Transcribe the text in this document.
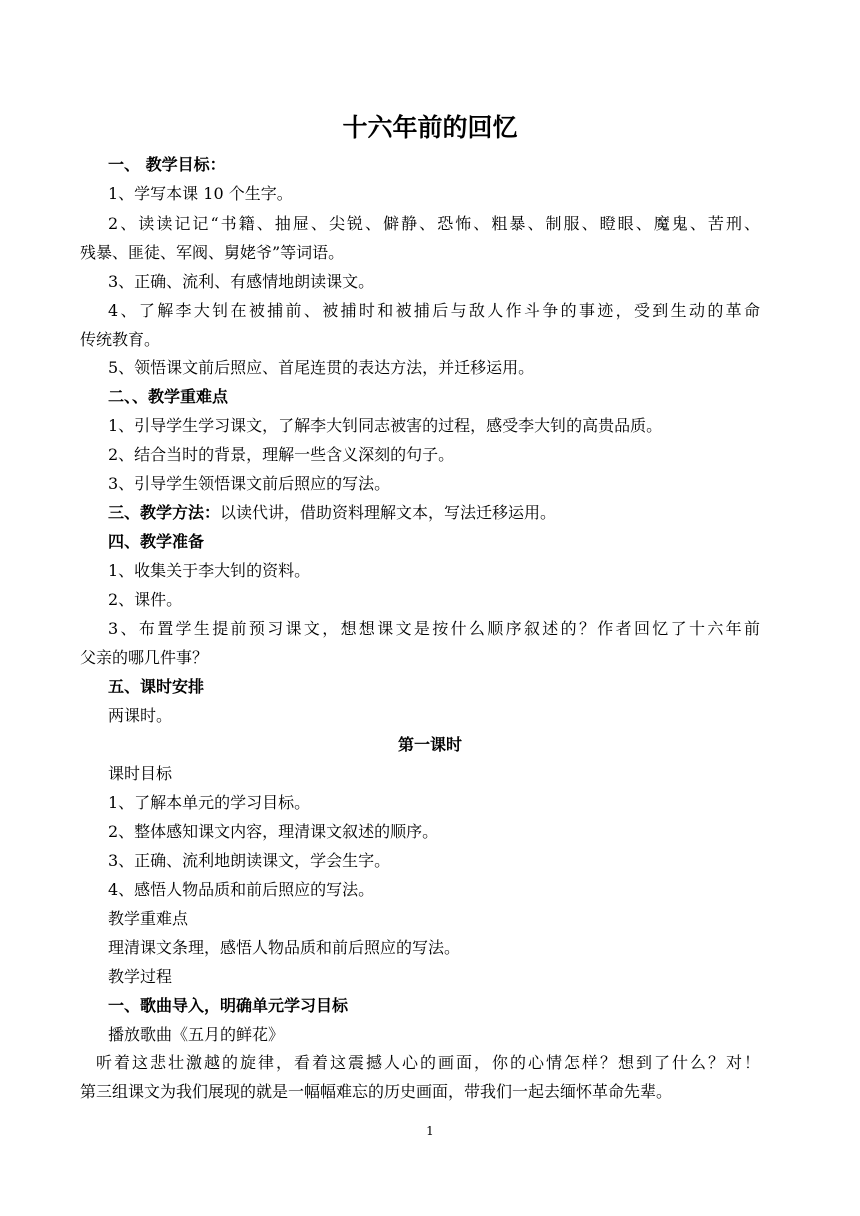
十六年前的回忆
一、 教学目标：
1、学写本课 10 个生字。
2、读读记记“书籍、抽屉、尖锐、僻静、恐怖、粗暴、制服、瞪眼、魔鬼、苦刑、
残暴、匪徒、军阀、舅姥爷”等词语。
3、正确、流利、有感情地朗读课文。
4、了解李大钊在被捕前、被捕时和被捕后与敌人作斗争的事迹，受到生动的革命
传统教育。
5、领悟课文前后照应、首尾连贯的表达方法，并迁移运用。
二、、教学重难点
1、引导学生学习课文，了解李大钊同志被害的过程，感受李大钊的高贵品质。
2、结合当时的背景，理解一些含义深刻的句子。
3、引导学生领悟课文前后照应的写法。
三、教学方法：以读代讲，借助资料理解文本，写法迁移运用。
四、教学准备
1、收集关于李大钊的资料。
2、课件。
3、布置学生提前预习课文，想想课文是按什么顺序叙述的？作者回忆了十六年前
父亲的哪几件事？
五、课时安排
两课时。
第一课时
课时目标
1、了解本单元的学习目标。
2、整体感知课文内容，理清课文叙述的顺序。
3、正确、流利地朗读课文，学会生字。
4、感悟人物品质和前后照应的写法。
教学重难点
理清课文条理，感悟人物品质和前后照应的写法。
教学过程
一、歌曲导入，明确单元学习目标
播放歌曲《五月的鲜花》
听着这悲壮激越的旋律，看着这震撼人心的画面，你的心情怎样？想到了什么？对！
第三组课文为我们展现的就是一幅幅难忘的历史画面，带我们一起去缅怀革命先辈。
1
